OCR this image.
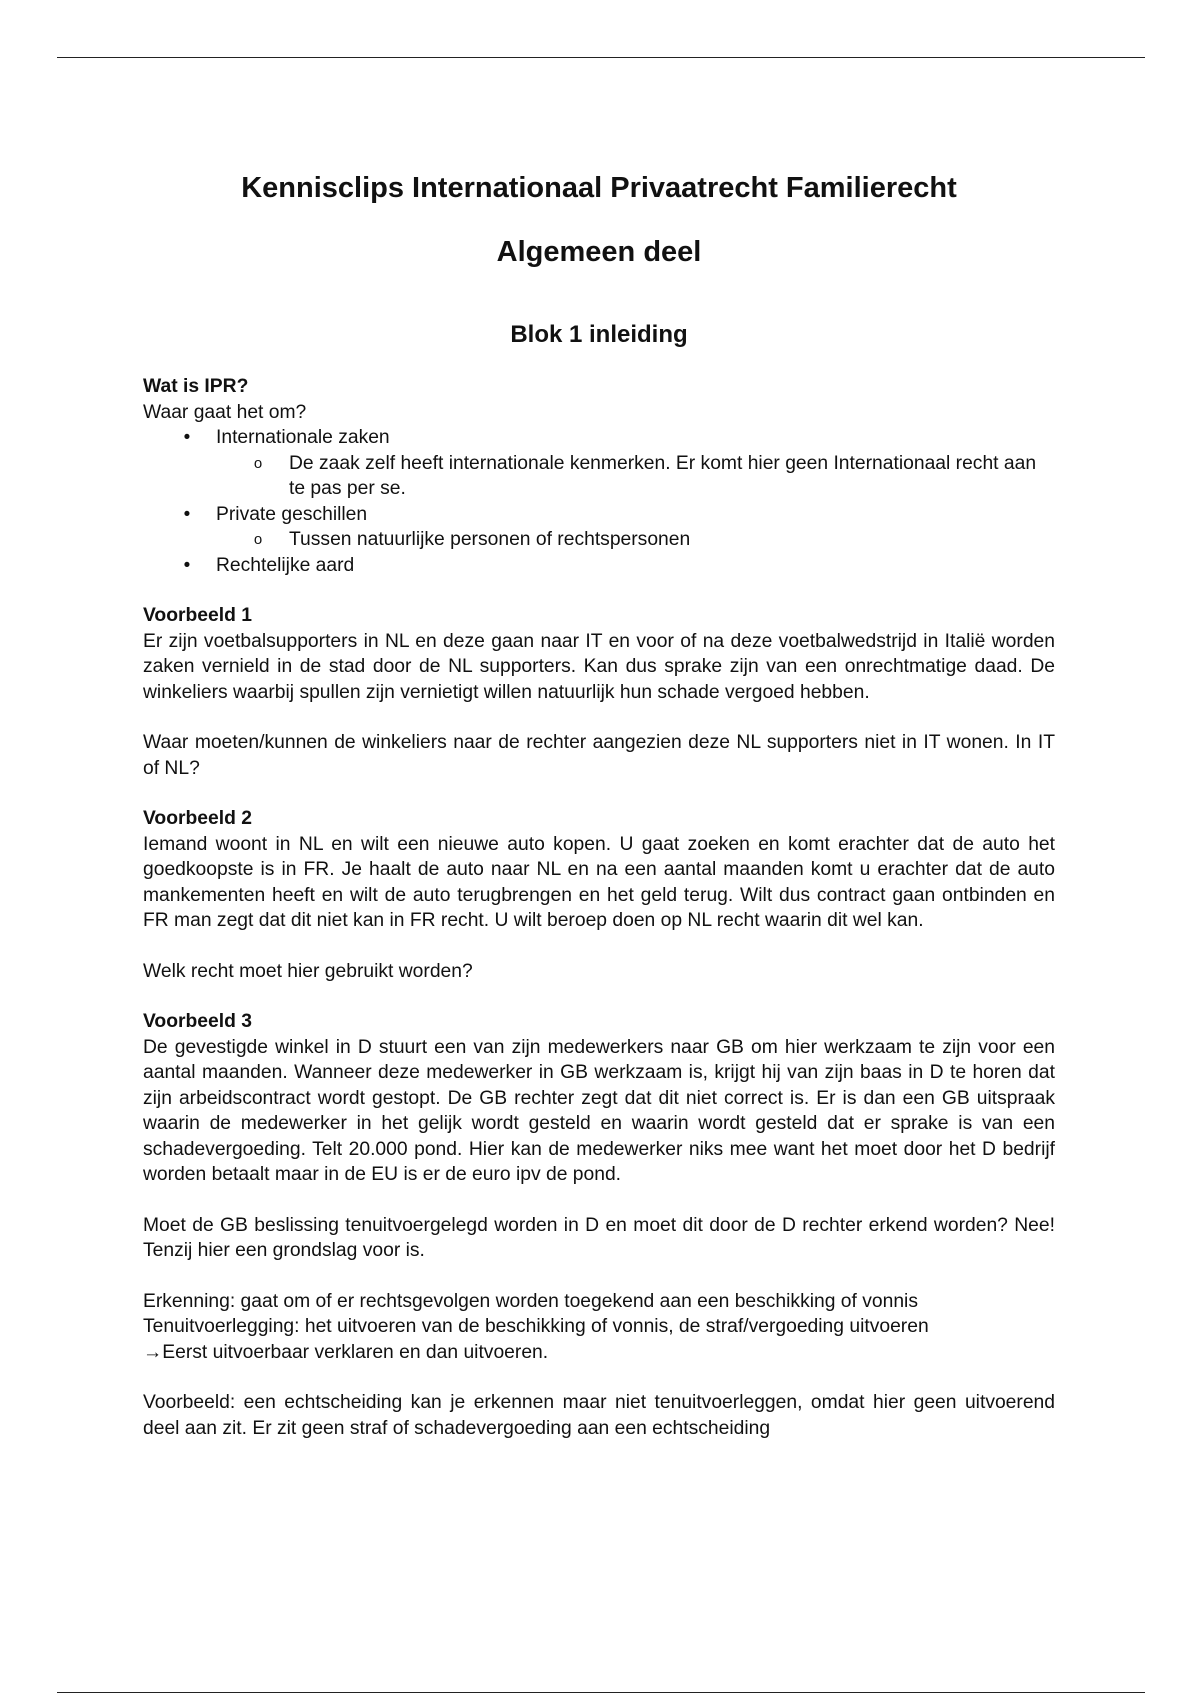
Kennisclips Internationaal Privaatrecht Familierecht
Algemeen deel
Blok 1 inleiding

Wat is IPR?

Waar gaat het om?

• Internationale zaken
o De zaak zelf heeft internationale kenmerken. Er komt hier geen Internationaal recht aan te pas per se.
• Private geschillen
o Tussen natuurlijke personen of rechtspersonen
• Rechtelijke aard

Voorbeeld 1

Er zijn voetbalsupporters in NL en deze gaan naar IT en voor of na deze voetbalwedstrijd in Italië worden zaken vernield in de stad door de NL supporters. Kan dus sprake zijn van een onrechtmatige daad. De winkeliers waarbij spullen zijn vernietigt willen natuurlijk hun schade vergoed hebben.

Waar moeten/kunnen de winkeliers naar de rechter aangezien deze NL supporters niet in IT wonen. In IT of NL?

Voorbeeld 2

Iemand woont in NL en wilt een nieuwe auto kopen. U gaat zoeken en komt erachter dat de auto het goedkoopste is in FR. Je haalt de auto naar NL en na een aantal maanden komt u erachter dat de auto mankementen heeft en wilt de auto terugbrengen en het geld terug. Wilt dus contract gaan ontbinden en FR man zegt dat dit niet kan in FR recht. U wilt beroep doen op NL recht waarin dit wel kan.

Welk recht moet hier gebruikt worden?

Voorbeeld 3

De gevestigde winkel in D stuurt een van zijn medewerkers naar GB om hier werkzaam te zijn voor een aantal maanden. Wanneer deze medewerker in GB werkzaam is, krijgt hij van zijn baas in D te horen dat zijn arbeidscontract wordt gestopt. De GB rechter zegt dat dit niet correct is. Er is dan een GB uitspraak waarin de medewerker in het gelijk wordt gesteld en waarin wordt gesteld dat er sprake is van een schadevergoeding. Telt 20.000 pond. Hier kan de medewerker niks mee want het moet door het D bedrijf worden betaalt maar in de EU is er de euro ipv de pond.

Moet de GB beslissing tenuitvoergelegd worden in D en moet dit door de D rechter erkend worden? Nee! Tenzij hier een grondslag voor is.

Erkenning: gaat om of er rechtsgevolgen worden toegekend aan een beschikking of vonnis

Tenuitvoerlegging: het uitvoeren van de beschikking of vonnis, de straf/vergoeding uitvoeren

→Eerst uitvoerbaar verklaren en dan uitvoeren.

Voorbeeld: een echtscheiding kan je erkennen maar niet tenuitvoerleggen, omdat hier geen uitvoerend deel aan zit. Er zit geen straf of schadevergoeding aan een echtscheiding
